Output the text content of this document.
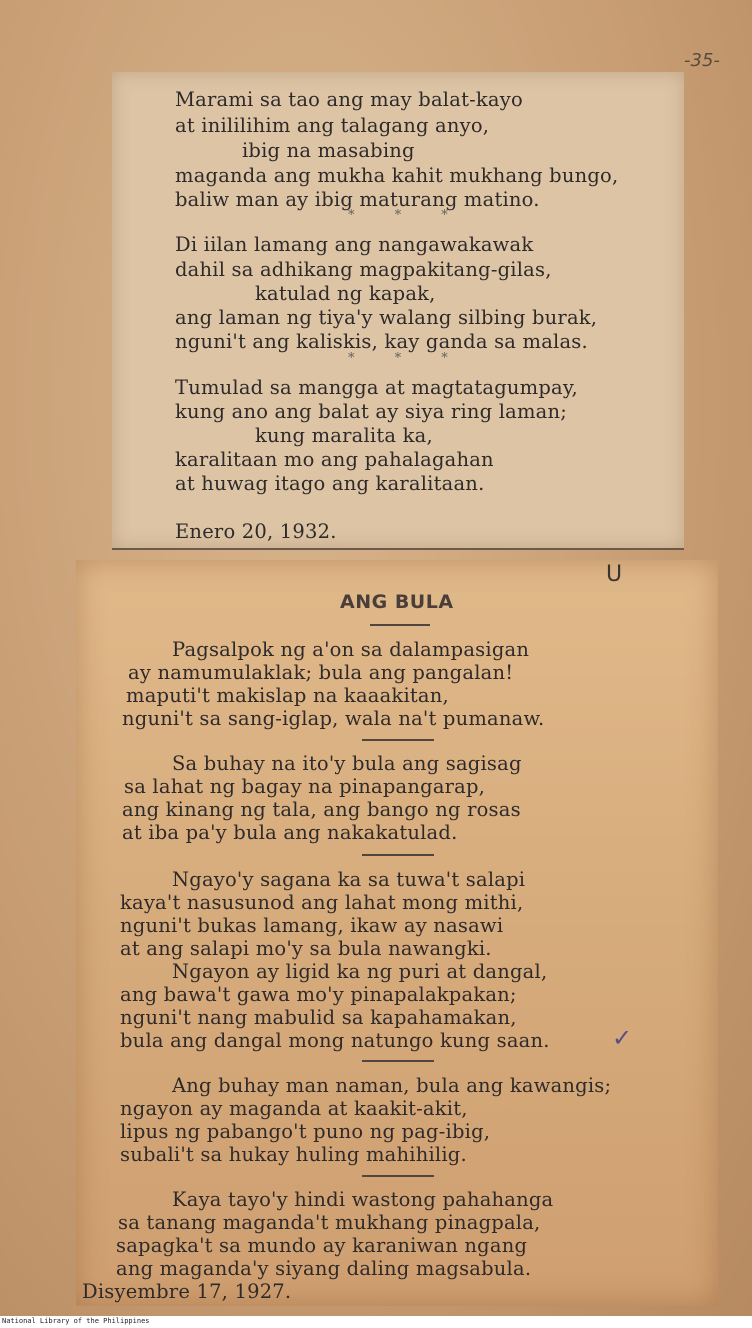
-35-
Marami sa tao ang may balat-kayo
at inililihim ang talagang anyo,
ibig na masabing
maganda ang mukha kahit mukhang bungo,
baliw man ay ibig maturang matino.
* * *
Di iilan lamang ang nangawakawak
dahil sa adhikang magpakitang-gilas,
katulad ng kapak,
ang laman ng tiya'y walang silbing burak,
nguni't ang kaliskis, kay ganda sa malas.
* * *
Tumulad sa mangga at magtatagumpay,
kung ano ang balat ay siya ring laman;
kung maralita ka,
karalitaan mo ang pahalagahan
at huwag itago ang karalitaan.
Enero 20, 1932.
U
ANG BULA
Pagsalpok ng a'on sa dalampasigan
ay namumulaklak; bula ang pangalan!
maputi't makislap na kaaakitan,
nguni't sa sang-iglap, wala na't pumanaw.
Sa buhay na ito'y bula ang sagisag
sa lahat ng bagay na pinapangarap,
ang kinang ng tala, ang bango ng rosas
at iba pa'y bula ang nakakatulad.
Ngayo'y sagana ka sa tuwa't salapi
kaya't nasusunod ang lahat mong mithi,
nguni't bukas lamang, ikaw ay nasawi
at ang salapi mo'y sa bula nawangki.
Ngayon ay ligid ka ng puri at dangal,
ang bawa't gawa mo'y pinapalakpakan;
nguni't nang mabulid sa kapahamakan,
bula ang dangal mong natungo kung saan.	✓
Ang buhay man naman, bula ang kawangis;
ngayon ay maganda at kaakit-akit,
lipus ng pabango't puno ng pag-ibig,
subali't sa hukay huling mahihilig.
Kaya tayo'y hindi wastong pahahanga
sa tanang maganda't mukhang pinagpala,
sapagka't sa mundo ay karaniwan ngang
ang maganda'y siyang daling magsabula.
Disyembre 17, 1927.
National Library of the Philippines
